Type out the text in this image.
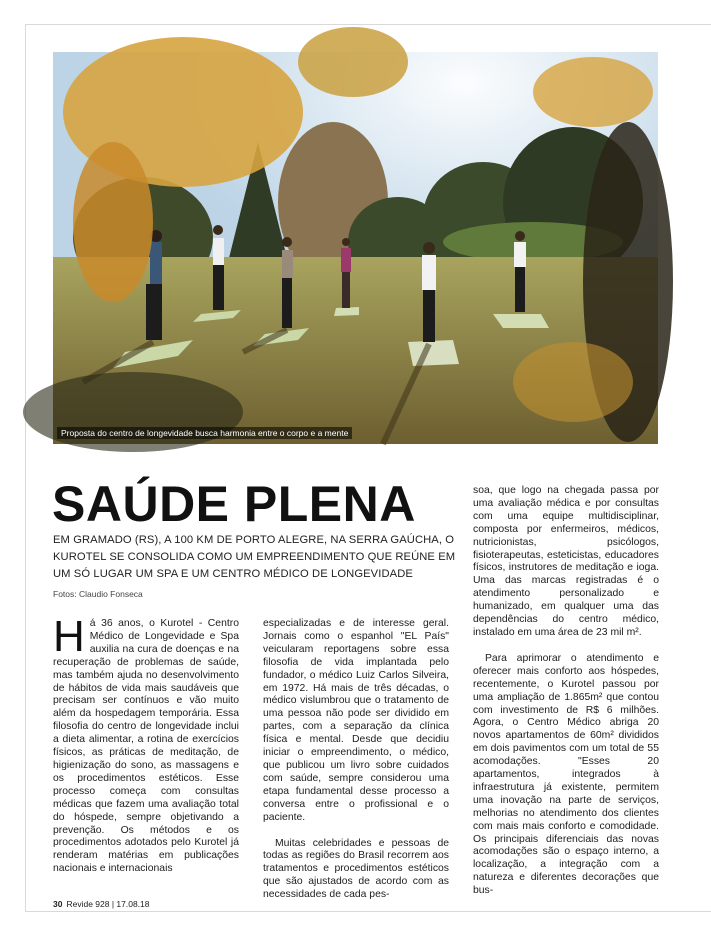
Proposta do centro de longevidade busca harmonia entre o corpo e a mente
SAÚDE PLENA
EM GRAMADO (RS), A 100 KM DE PORTO ALEGRE, NA SERRA GAÚCHA, O KUROTEL SE CONSOLIDA COMO UM EMPREENDIMENTO QUE REÚNE EM UM SÓ LUGAR UM SPA E UM CENTRO MÉDICO DE LONGEVIDADE
Fotos: Claudio Fonseca

Há 36 anos, o Kurotel - Centro Médico de Longevidade e Spa auxilia na cura de doenças e na recuperação de problemas de saúde, mas também ajuda no desenvolvimento de hábitos de vida mais saudáveis que precisam ser contínuos e vão muito além da hospedagem temporária. Essa filosofia do centro de longevidade inclui a dieta alimentar, a rotina de exercícios físicos, as práticas de meditação, de higienização do sono, as massagens e os procedimentos estéticos. Esse processo começa com consultas médicas que fazem uma avaliação total do hóspede, sempre objetivando a prevenção. Os métodos e os procedimentos adotados pelo Kurotel já renderam matérias em publicações nacionais e internacionais

especializadas e de interesse geral. Jornais como o espanhol "EL País" veicularam reportagens sobre essa filosofia de vida implantada pelo fundador, o médico Luiz Carlos Silveira, em 1972. Há mais de três décadas, o médico vislumbrou que o tratamento de uma pessoa não pode ser dividido em partes, com a separação da clínica física e mental. Desde que decidiu iniciar o empreendimento, o médico, que publicou um livro sobre cuidados com saúde, sempre considerou uma etapa fundamental desse processo a conversa entre o profissional e o paciente.

Muitas celebridades e pessoas de todas as regiões do Brasil recorrem aos tratamentos e procedimentos estéticos que são ajustados de acordo com as necessidades de cada pes-

soa, que logo na chegada passa por uma avaliação médica e por consultas com uma equipe multidisciplinar, composta por enfermeiros, médicos, nutricionistas, psicólogos, fisioterapeutas, esteticistas, educadores físicos, instrutores de meditação e ioga. Uma das marcas registradas é o atendimento personalizado e humanizado, em qualquer uma das dependências do centro médico, instalado em uma área de 23 mil m².

Para aprimorar o atendimento e oferecer mais conforto aos hóspedes, recentemente, o Kurotel passou por uma ampliação de 1.865m² que contou com investimento de R$ 6 milhões. Agora, o Centro Médico abriga 20 novos apartamentos de 60m² divididos em dois pavimentos com um total de 55 acomodações. "Esses 20 apartamentos, integrados à infraestrutura já existente, permitem uma inovação na parte de serviços, melhorias no atendimento dos clientes com mais mais conforto e comodidade. Os principais diferenciais das novas acomodações são o espaço interno, a localização, a integração com a natureza e diferentes decorações que bus-

30 Revide 928 | 17.08.18
